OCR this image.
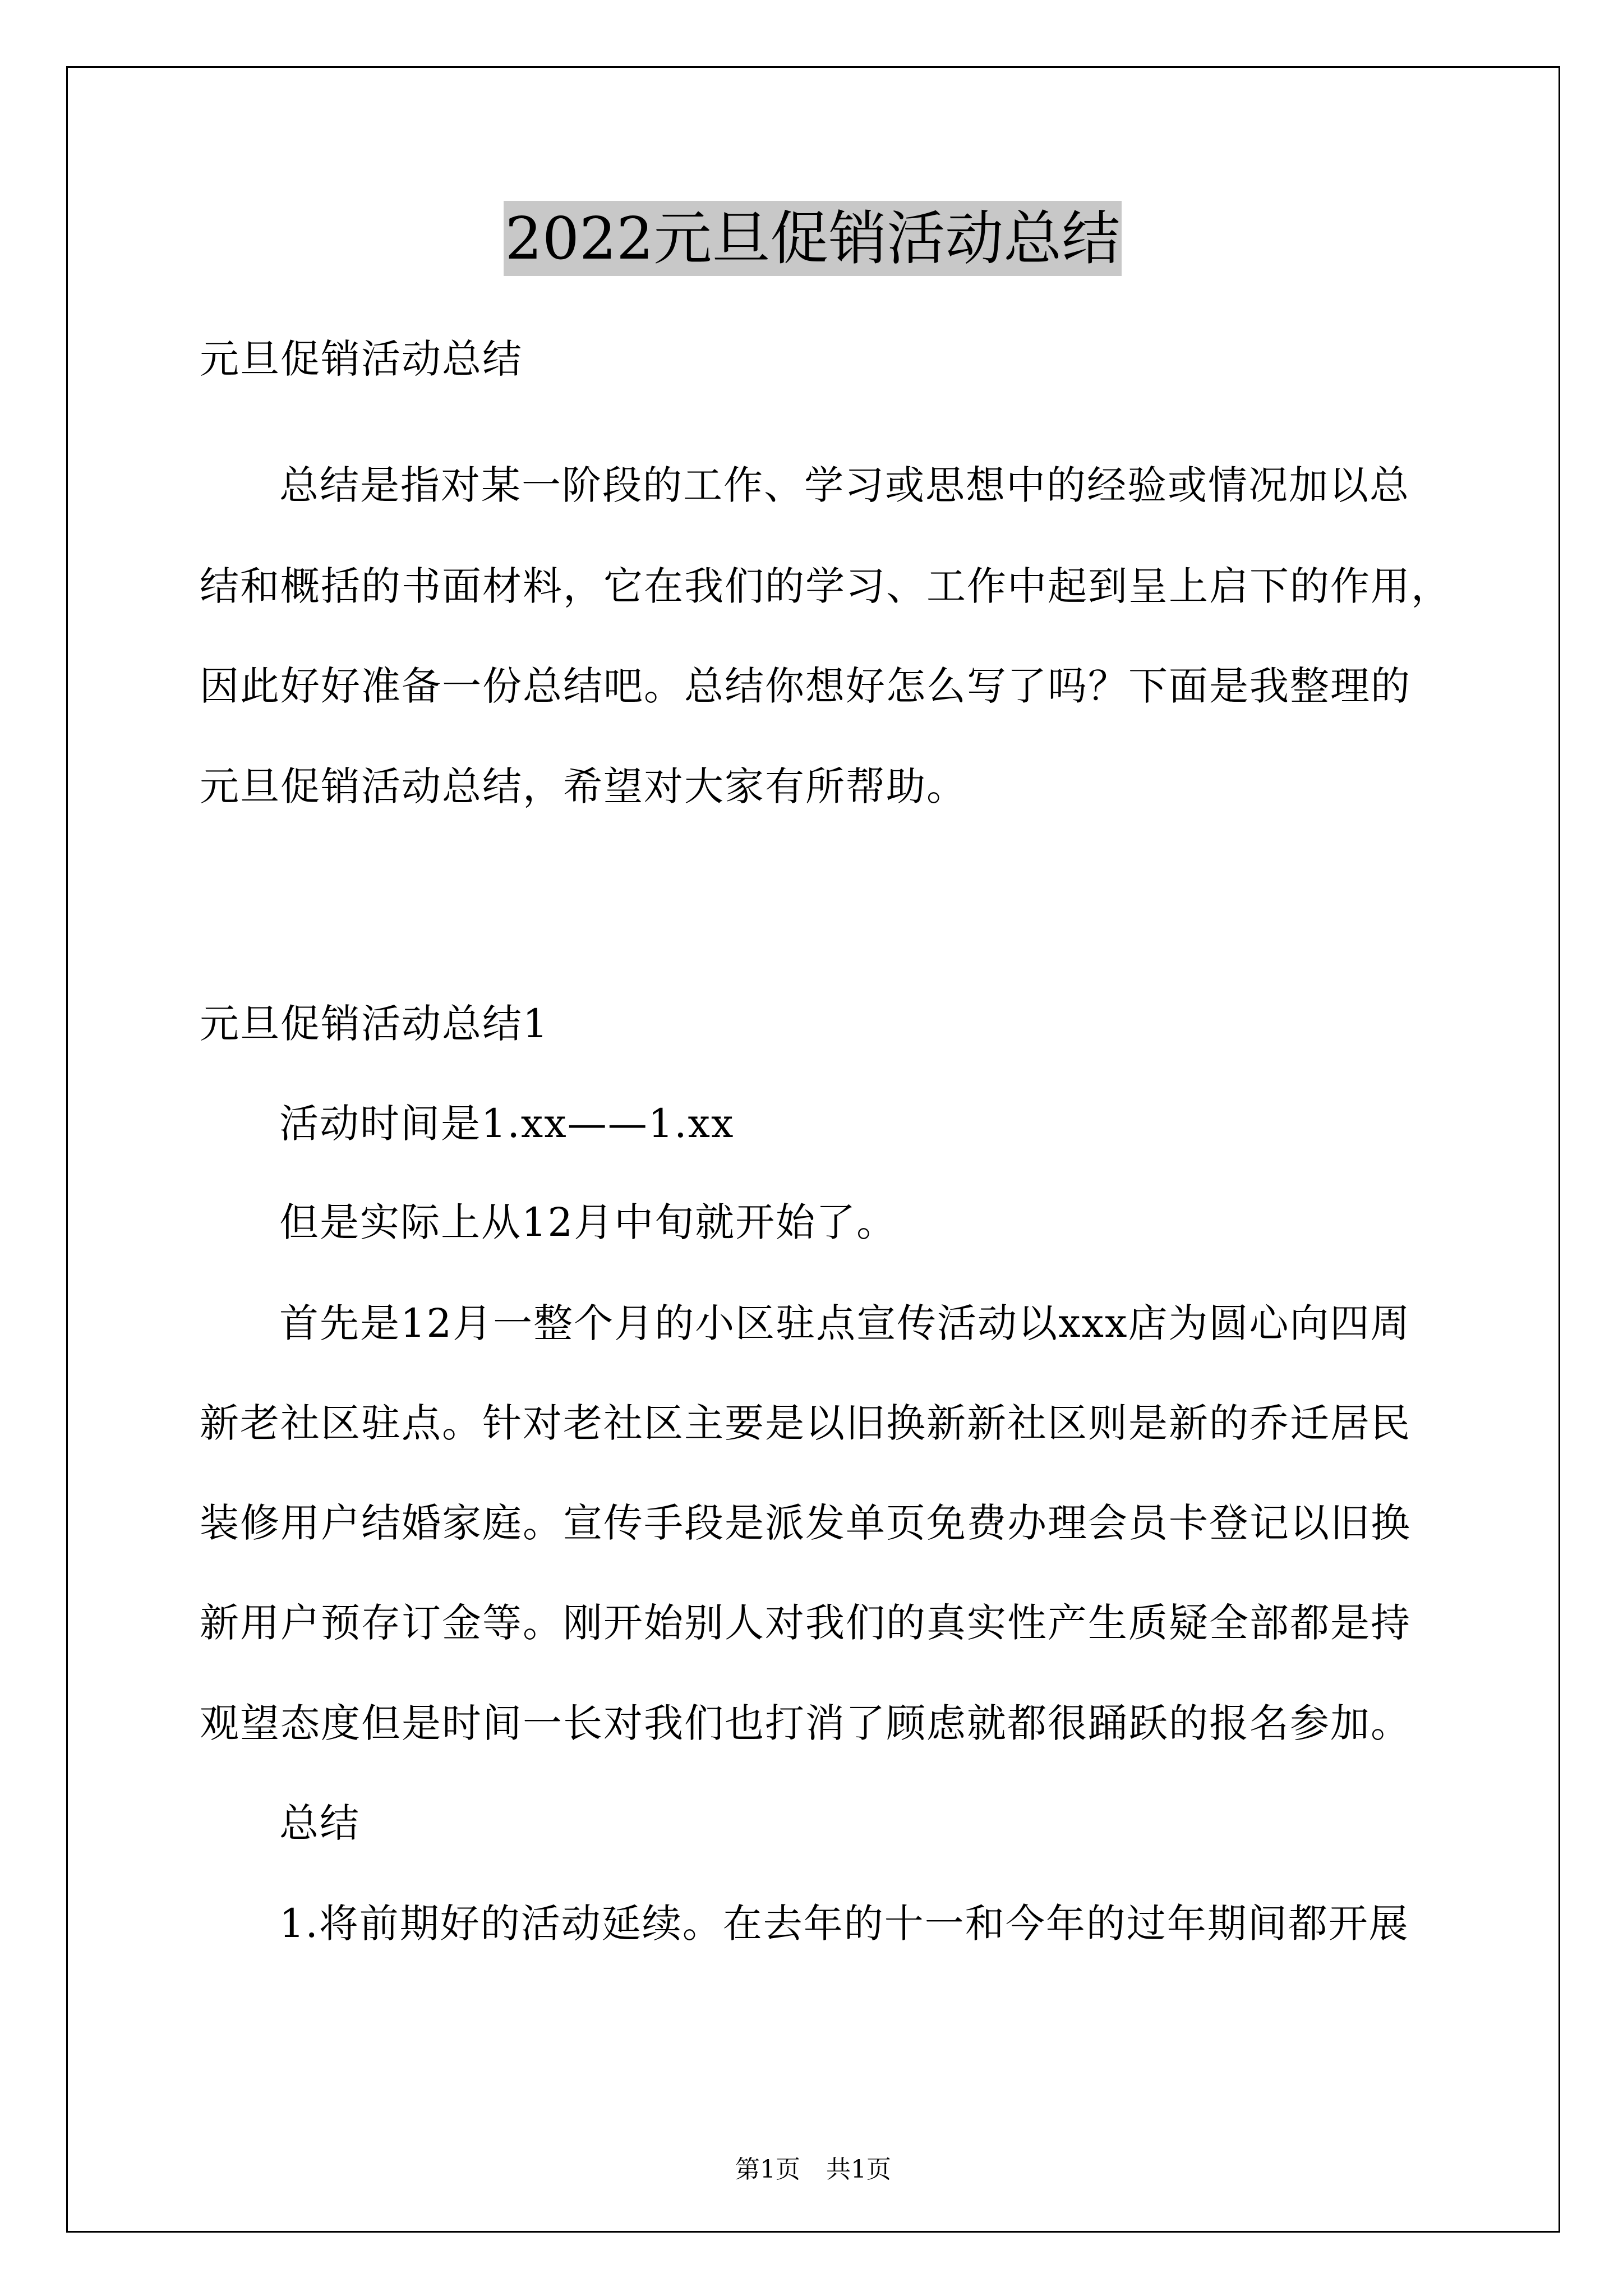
2022元旦促销活动总结
元旦促销活动总结
总结是指对某一阶段的工作、学习或思想中的经验或情况加以总
结和概括的书面材料，它在我们的学习、工作中起到呈上启下的作用，
因此好好准备一份总结吧。总结你想好怎么写了吗？下面是我整理的
元旦促销活动总结，希望对大家有所帮助。
元旦促销活动总结1
活动时间是1.xx——1.xx
但是实际上从12月中旬就开始了。
首先是12月一整个月的小区驻点宣传活动以xxx店为圆心向四周
新老社区驻点。针对老社区主要是以旧换新新社区则是新的乔迁居民
装修用户结婚家庭。宣传手段是派发单页免费办理会员卡登记以旧换
新用户预存订金等。刚开始别人对我们的真实性产生质疑全部都是持
观望态度但是时间一长对我们也打消了顾虑就都很踊跃的报名参加。
总结
1.将前期好的活动延续。在去年的十一和今年的过年期间都开展
第1页 共1页
